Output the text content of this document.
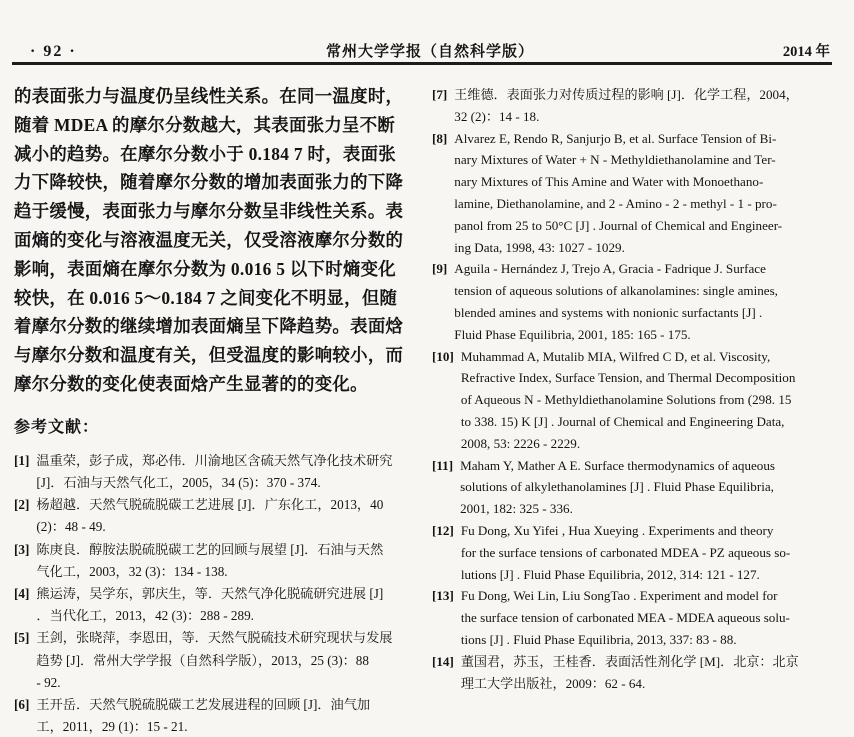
· 92 ·	常州大学学报（自然科学版）	2014 年
的表面张力与温度仍呈线性关系。在同一温度时，
随着 MDEA 的摩尔分数越大，其表面张力呈不断
减小的趋势。在摩尔分数小于 0.184 7 时，表面张
力下降较快，随着摩尔分数的增加表面张力的下降
趋于缓慢，表面张力与摩尔分数呈非线性关系。表
面熵的变化与溶液温度无关，仅受溶液摩尔分数的
影响，表面熵在摩尔分数为 0.016 5 以下时熵变化
较快，在 0.016 5～0.184 7 之间变化不明显，但随
着摩尔分数的继续增加表面熵呈下降趋势。表面焓
与摩尔分数和温度有关，但受温度的影响较小，而
摩尔分数的变化使表面焓产生显著的的变化。
参考文献：
[1] 温重荣，彭子成，郑必伟．川渝地区含硫天然气净化技术研究
[J]．石油与天然气化工，2005，34 (5)：370 - 374.
[2] 杨超越．天然气脱硫脱碳工艺进展 [J]．广东化工，2013，40
(2)：48 - 49.
[3] 陈庚良．醇胺法脱硫脱碳工艺的回顾与展望 [J]．石油与天然
气化工，2003，32 (3)：134 - 138.
[4] 熊运涛，吴学东，郭庆生，等．天然气净化脱硫研究进展 [J]
．当代化工，2013，42 (3)：288 - 289.
[5] 王剑，张晓萍，李恩田，等．天然气脱硫技术研究现状与发展
趋势 [J]．常州大学学报（自然科学版），2013，25 (3)：88
- 92.
[6] 王开岳．天然气脱硫脱碳工艺发展进程的回顾 [J]．油气加
工，2011，29 (1)：15 - 21.
[7] 王维德．表面张力对传质过程的影响 [J]．化学工程，2004，
32 (2)：14 - 18.
[8] Alvarez E, Rendo R, Sanjurjo B, et al. Surface Tension of Bi-
nary Mixtures of Water + N - Methyldiethanolamine and Ter-
nary Mixtures of This Amine and Water with Monoethano-
lamine, Diethanolamine, and 2 - Amino - 2 - methyl - 1 - pro-
panol from 25 to 50°C [J] . Journal of Chemical and Engineer-
ing Data, 1998, 43: 1027 - 1029.
[9] Aguila - Hernández J, Trejo A, Gracia - Fadrique J. Surface
tension of aqueous solutions of alkanolamines: single amines,
blended amines and systems with nonionic surfactants [J] .
Fluid Phase Equilibria, 2001, 185: 165 - 175.
[10] Muhammad A, Mutalib MIA, Wilfred C D, et al. Viscosity,
Refractive Index, Surface Tension, and Thermal Decomposition
of Aqueous N - Methyldiethanolamine Solutions from (298. 15
to 338. 15) K [J] . Journal of Chemical and Engineering Data,
2008, 53: 2226 - 2229.
[11] Maham Y, Mather A E. Surface thermodynamics of aqueous
solutions of alkylethanolamines [J] . Fluid Phase Equilibria,
2001, 182: 325 - 336.
[12] Fu Dong, Xu Yifei , Hua Xueying . Experiments and theory
for the surface tensions of carbonated MDEA - PZ aqueous so-
lutions [J] . Fluid Phase Equilibria, 2012, 314: 121 - 127.
[13] Fu Dong, Wei Lin, Liu SongTao . Experiment and model for
the surface tension of carbonated MEA - MDEA aqueous solu-
tions [J] . Fluid Phase Equilibria, 2013, 337: 83 - 88.
[14] 董国君，苏玉，王桂香．表面活性剂化学 [M]．北京：北京
理工大学出版社，2009：62 - 64.
